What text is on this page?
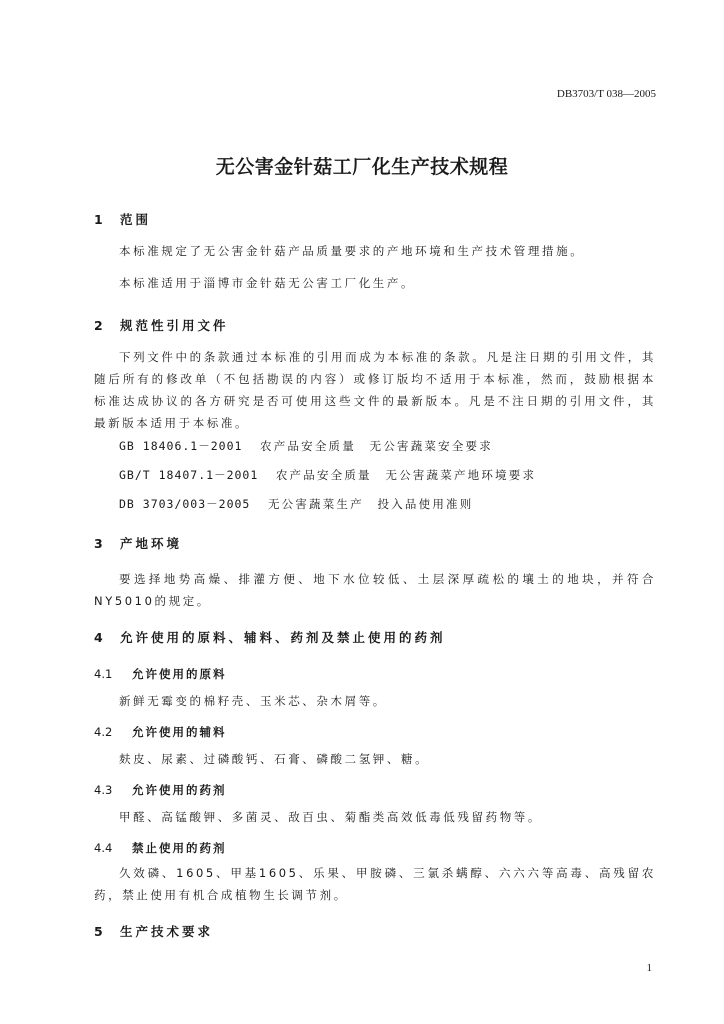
DB3703/T 038—2005
无公害金针菇工厂化生产技术规程
1 范围
本标准规定了无公害金针菇产品质量要求的产地环境和生产技术管理措施。
本标准适用于淄博市金针菇无公害工厂化生产。
2 规范性引用文件
下列文件中的条款通过本标准的引用而成为本标准的条款。凡是注日期的引用文件，其随后所有的修改单（不包括勘误的内容）或修订版均不适用于本标准，然而，鼓励根据本标准达成协议的各方研究是否可使用这些文件的最新版本。凡是不注日期的引用文件，其最新版本适用于本标准。
GB 18406.1－2001 农产品安全质量　无公害蔬菜安全要求
GB/T 18407.1－2001 农产品安全质量　无公害蔬菜产地环境要求
DB 3703/003－2005 无公害蔬菜生产　投入品使用准则
3 产地环境
要选择地势高燥、排灌方便、地下水位较低、土层深厚疏松的壤土的地块，并符合NY5010的规定。
4 允许使用的原料、辅料、药剂及禁止使用的药剂
4.1 允许使用的原料
新鲜无霉变的棉籽壳、玉米芯、杂木屑等。
4.2 允许使用的辅料
麸皮、尿素、过磷酸钙、石膏、磷酸二氢钾、糖。
4.3 允许使用的药剂
甲醛、高锰酸钾、多菌灵、敌百虫、菊酯类高效低毒低残留药物等。
4.4 禁止使用的药剂
久效磷、1605、甲基1605、乐果、甲胺磷、三氯杀螨醇、六六六等高毒、高残留农药，禁止使用有机合成植物生长调节剂。
5 生产技术要求
1
